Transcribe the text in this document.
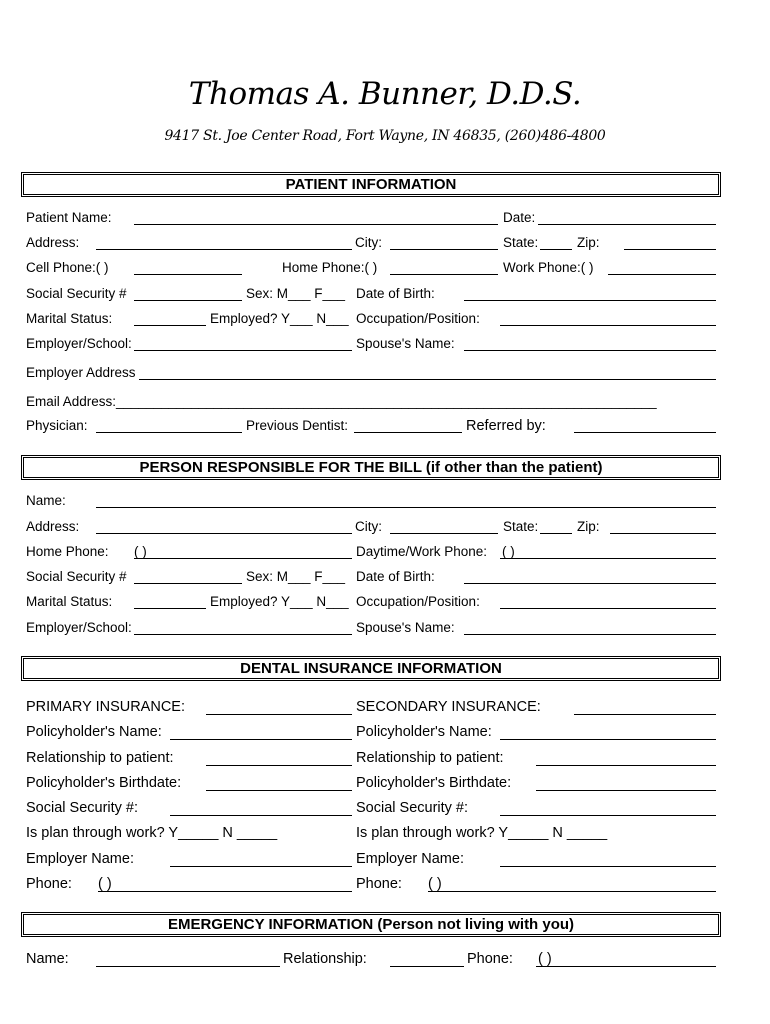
Thomas A. Bunner, D.D.S.
9417 St. Joe Center Road, Fort Wayne, IN 46835, (260)486-4800
PATIENT INFORMATION
Patient Name:	Date:
Address:	City:	State:	Zip:
Cell Phone:( )	Home Phone:( )	Work Phone:( )
Social Security #	Sex: M___ F___ Date of Birth:
Marital Status:	Employed? Y___ N___ Occupation/Position:
Employer/School:	Spouse's Name:
Employer Address
Email Address:________________________________________________________________________
Physician:	Previous Dentist:	Referred by:
PERSON RESPONSIBLE FOR THE BILL (if other than the patient)
Name:
Address:	City:	State:	Zip:
Home Phone: ( )	Daytime/Work Phone: ( )
Social Security #	Sex: M___ F___ Date of Birth:
Marital Status:	Employed? Y___ N___ Occupation/Position:
Employer/School:	Spouse's Name:
DENTAL INSURANCE INFORMATION
PRIMARY INSURANCE:	SECONDARY INSURANCE:
Policyholder's Name:	Policyholder's Name:
Relationship to patient:	Relationship to patient:
Policyholder's Birthdate:	Policyholder's Birthdate:
Social Security #:	Social Security #:
Is plan through work? Y_____ N _____	Is plan through work? Y_____ N _____
Employer Name:	Employer Name:
Phone: ( )	Phone: ( )
EMERGENCY INFORMATION (Person not living with you)
Name:	Relationship:	Phone: ( )
